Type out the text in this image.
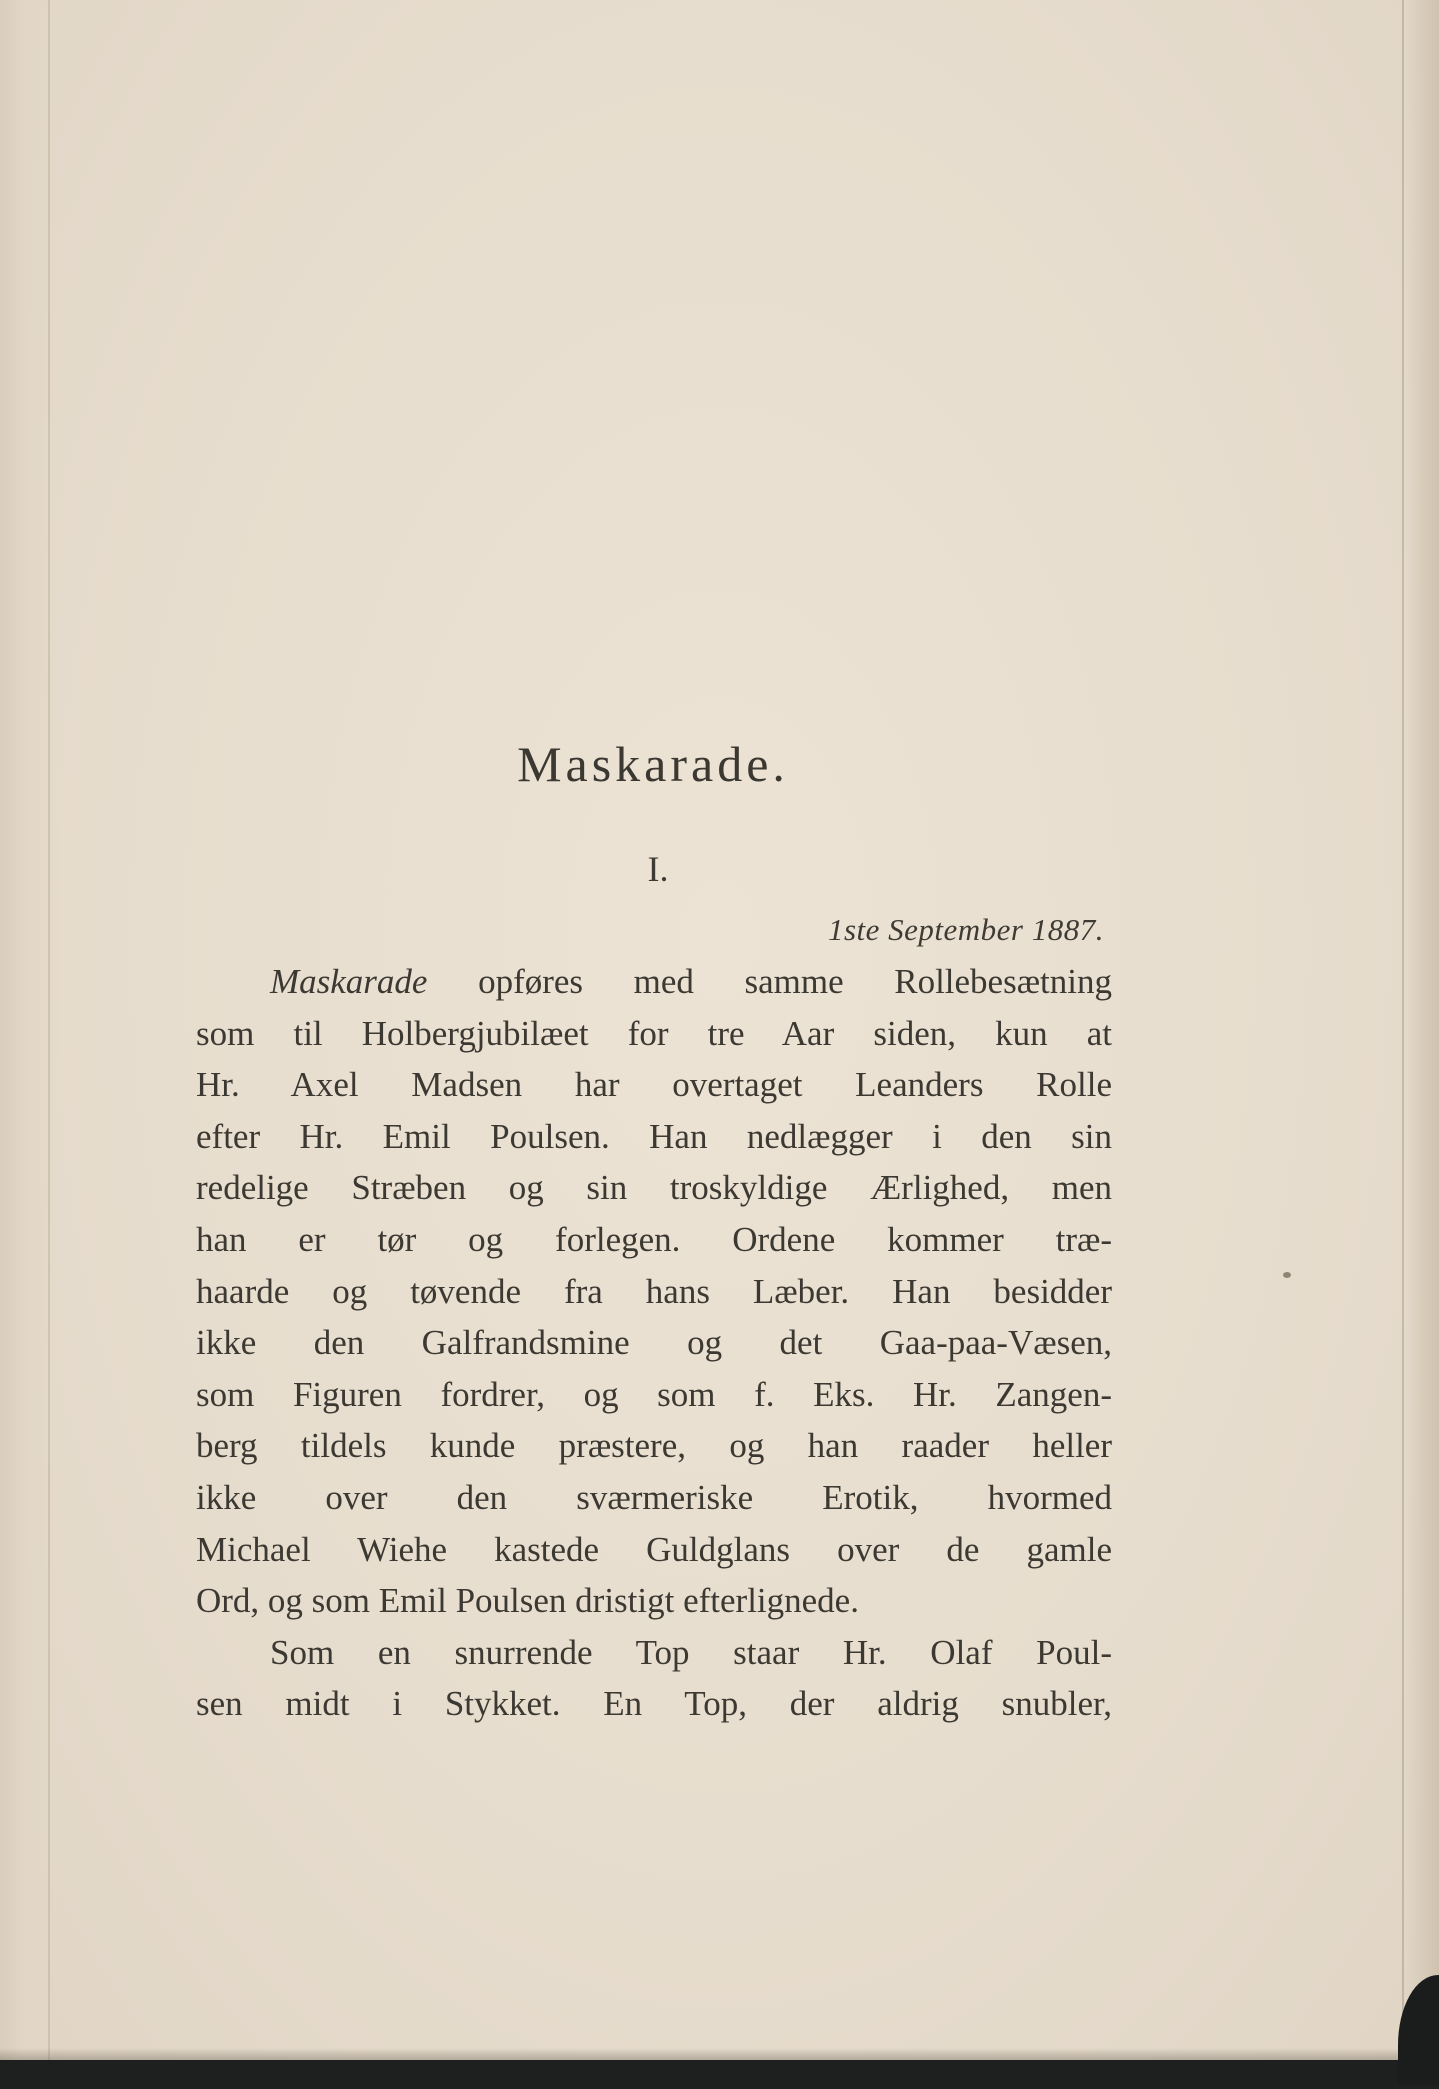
Maskarade.
I.
1ste September 1887.
Maskarade opføres med samme Rollebesætning
som til Holbergjubilæet for tre Aar siden, kun at
Hr. Axel Madsen har overtaget Leanders Rolle
efter Hr. Emil Poulsen. Han nedlægger i den sin
redelige Stræben og sin troskyldige Ærlighed, men
han er tør og forlegen. Ordene kommer træ-
haarde og tøvende fra hans Læber. Han besidder
ikke den Galfrandsmine og det Gaa-paa-Væsen,
som Figuren fordrer, og som f. Eks. Hr. Zangen-
berg tildels kunde præstere, og han raader heller
ikke over den sværmeriske Erotik, hvormed
Michael Wiehe kastede Guldglans over de gamle
Ord, og som Emil Poulsen dristigt efterlignede.
Som en snurrende Top staar Hr. Olaf Poul-
sen midt i Stykket. En Top, der aldrig snubler,
